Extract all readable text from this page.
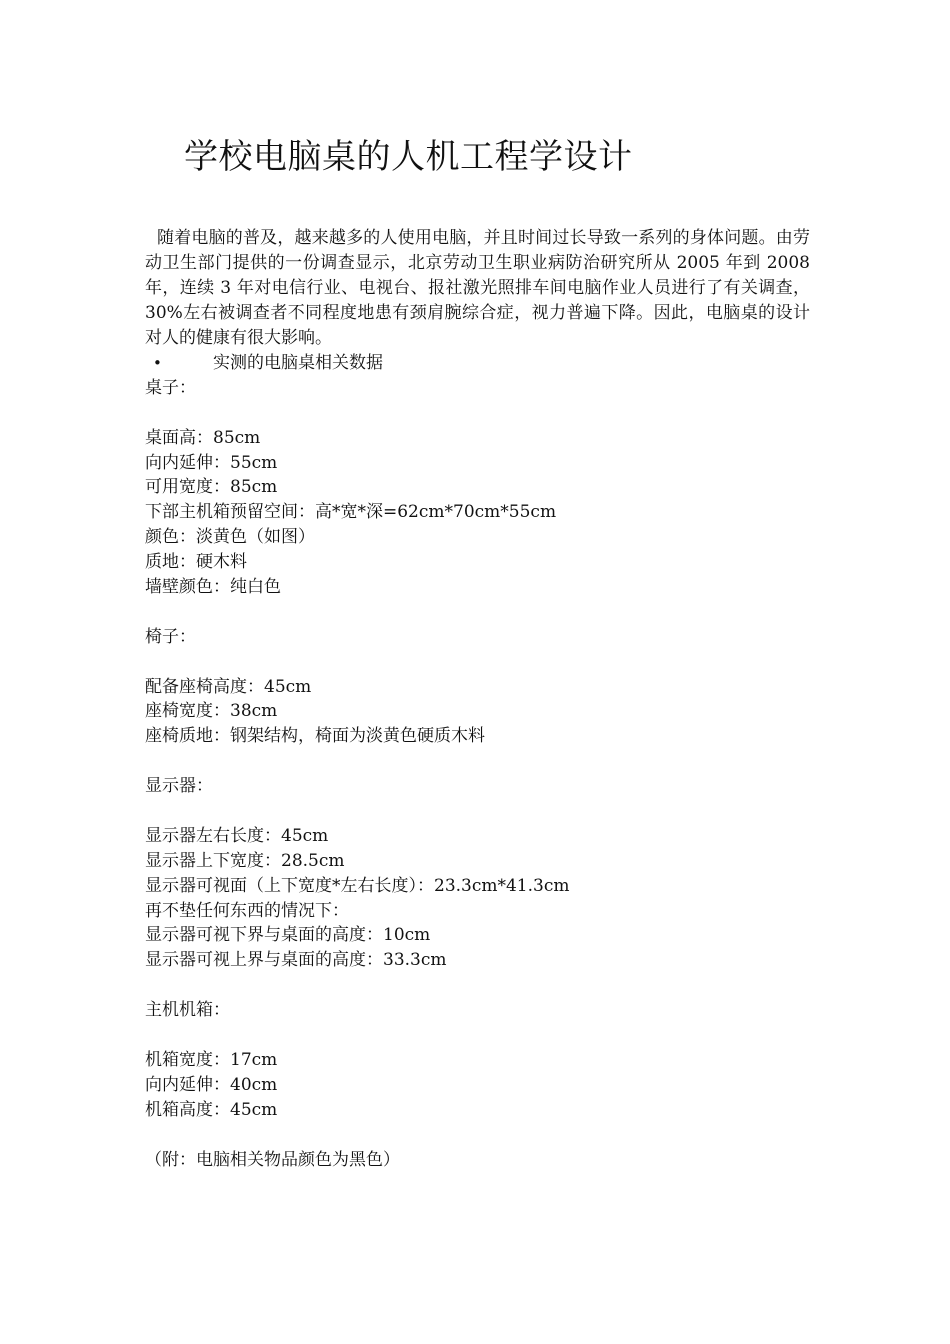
学校电脑桌的人机工程学设计

随着电脑的普及，越来越多的人使用电脑，并且时间过长导致一系列的身体问题。由劳动卫生部门提供的一份调查显示，北京劳动卫生职业病防治研究所从 2005 年到 2008 年，连续 3 年对电信行业、电视台、报社激光照排车间电脑作业人员进行了有关调查，30%左右被调查者不同程度地患有颈肩腕综合症，视力普遍下降。因此，电脑桌的设计对人的健康有很大影响。

•	实测的电脑桌相关数据
桌子：
桌面高：85cm
向内延伸：55cm
可用宽度：85cm
下部主机箱预留空间：高*宽*深=62cm*70cm*55cm
颜色：淡黄色（如图）
质地：硬木料
墙壁颜色：纯白色
椅子：
配备座椅高度：45cm
座椅宽度：38cm
座椅质地：钢架结构，椅面为淡黄色硬质木料
显示器：
显示器左右长度：45cm
显示器上下宽度：28.5cm
显示器可视面（上下宽度*左右长度）：23.3cm*41.3cm
再不垫任何东西的情况下：
显示器可视下界与桌面的高度：10cm
显示器可视上界与桌面的高度：33.3cm
主机机箱：
机箱宽度：17cm
向内延伸：40cm
机箱高度：45cm
（附：电脑相关物品颜色为黑色）
